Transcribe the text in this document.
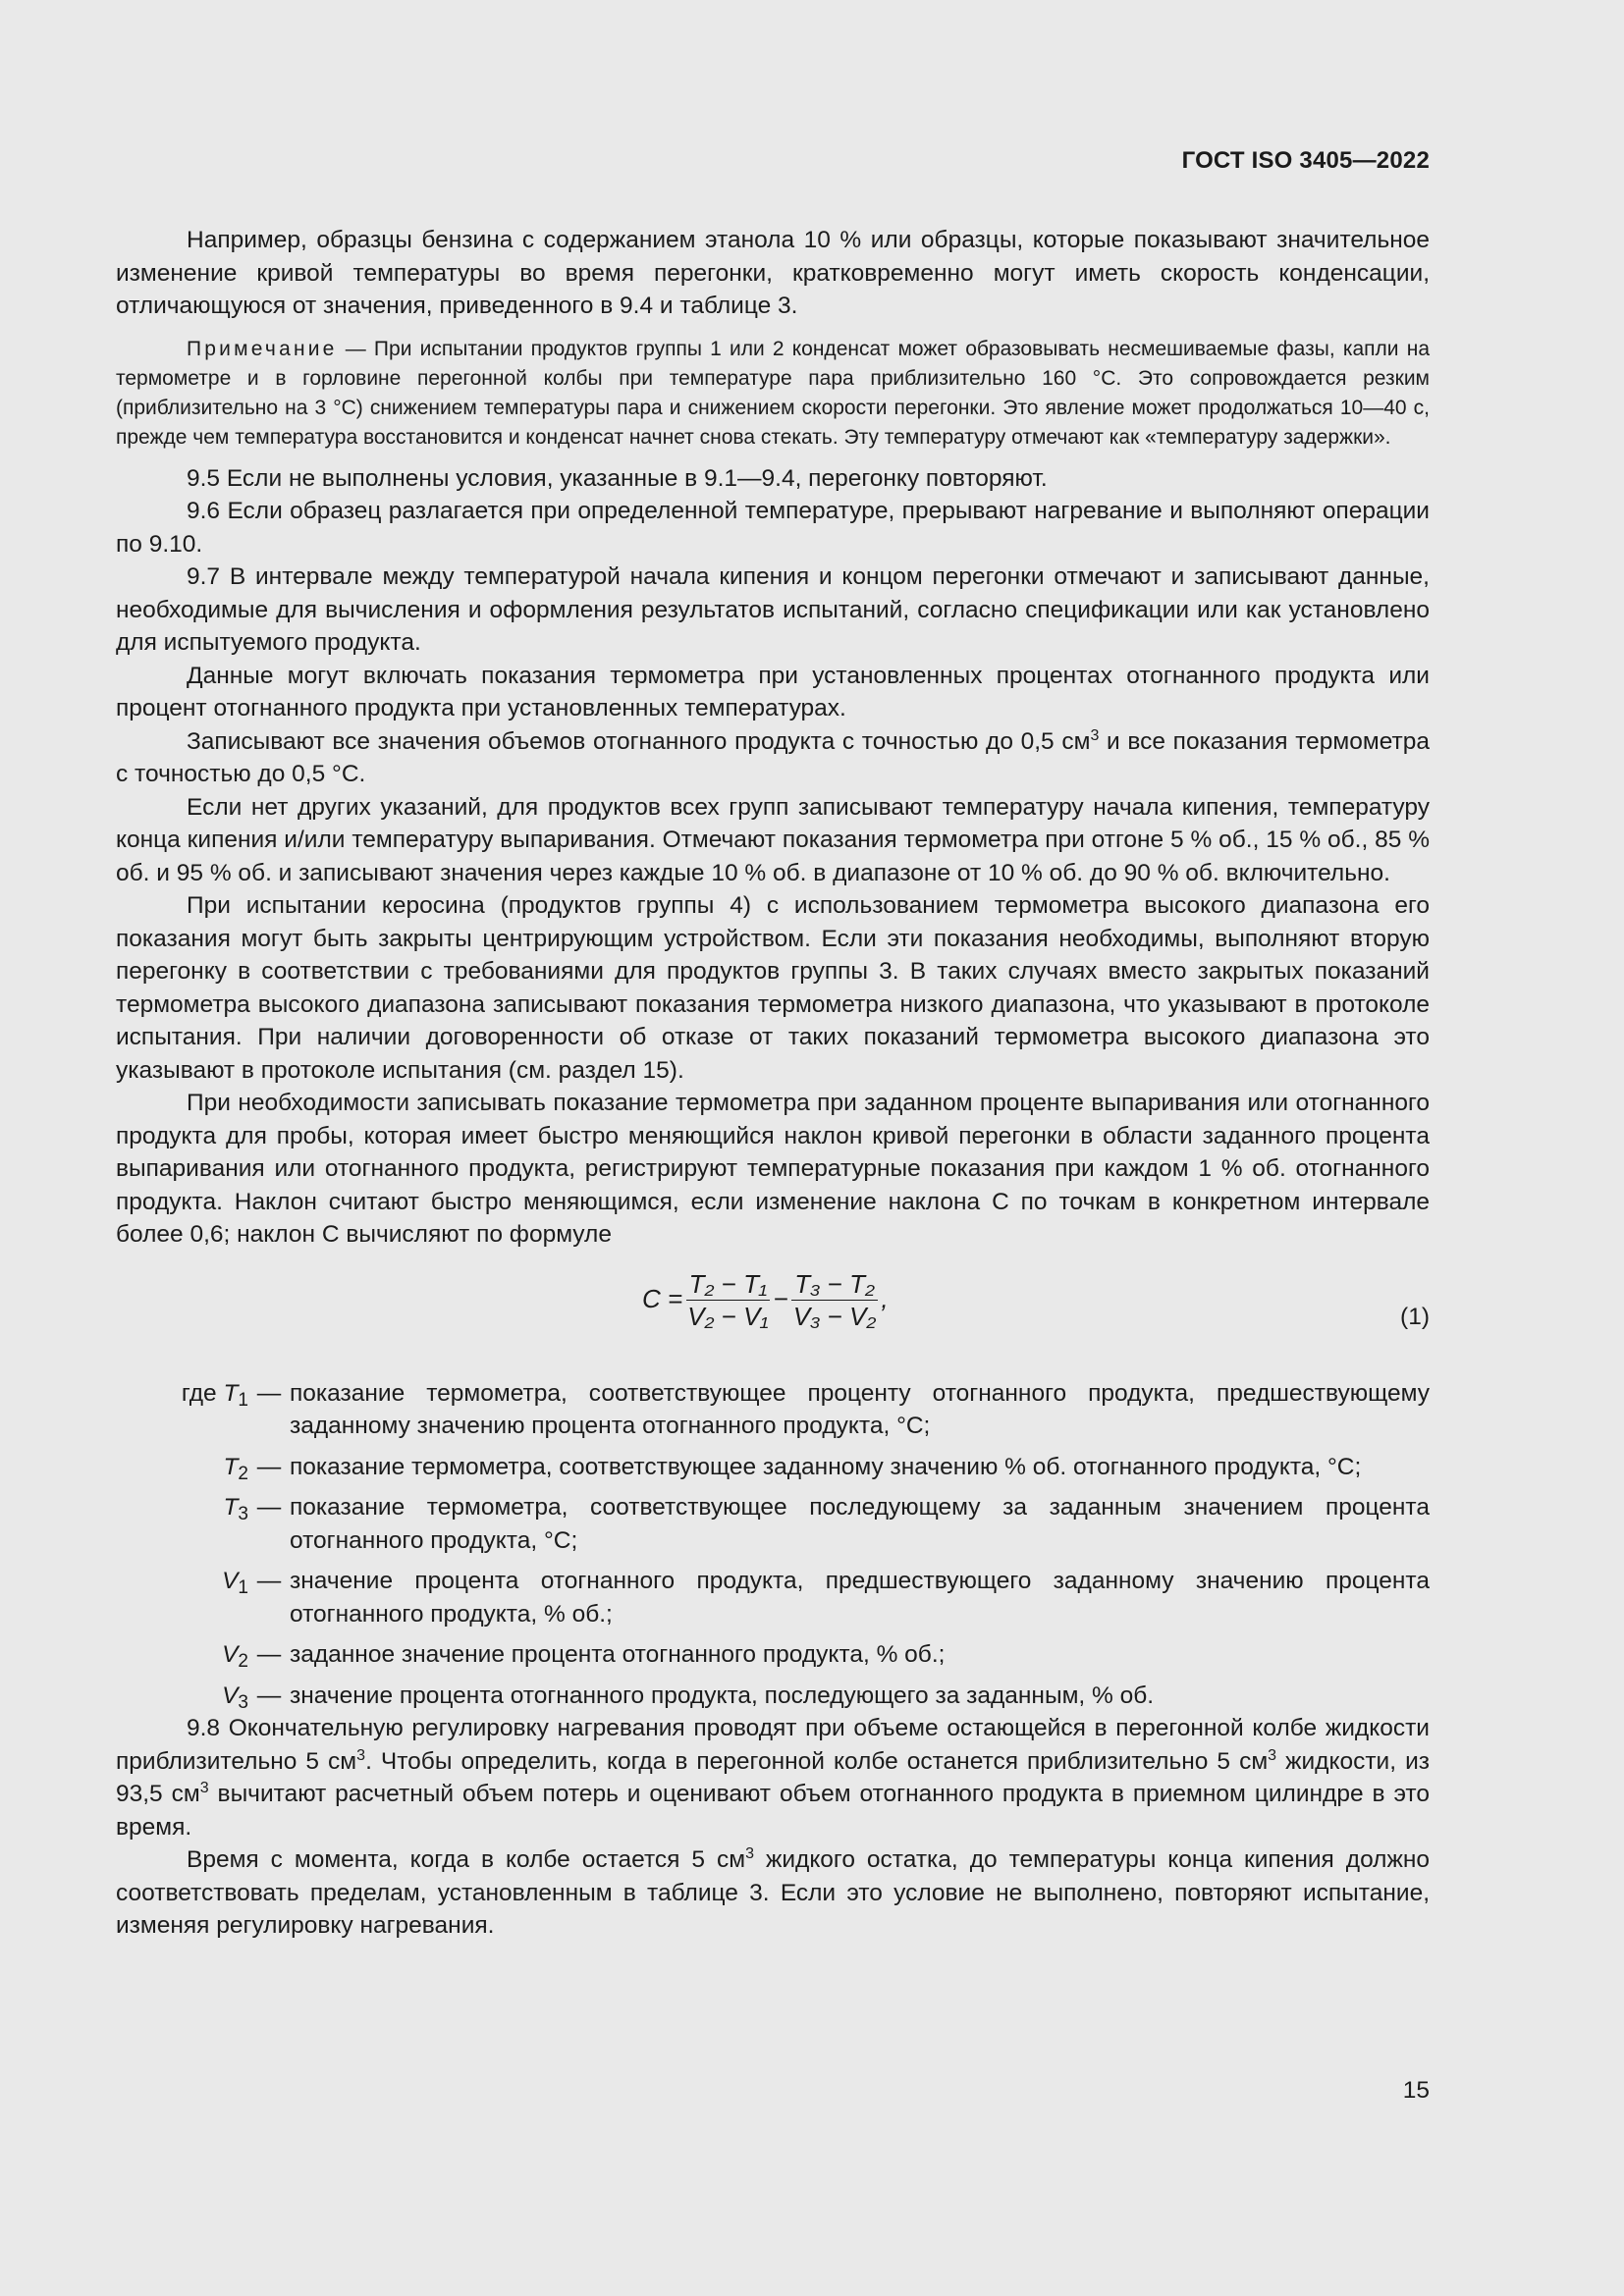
ГОСТ ISO 3405—2022

Например, образцы бензина с содержанием этанола 10 % или образцы, которые показывают значительное изменение кривой температуры во время перегонки, кратковременно могут иметь скорость конденсации, отличающуюся от значения, приведенного в 9.4 и таблице 3.

Примечание — При испытании продуктов группы 1 или 2 конденсат может образовывать несмешиваемые фазы, капли на термометре и в горловине перегонной колбы при температуре пара приблизительно 160 °С. Это сопровождается резким (приблизительно на 3 °С) снижением температуры пара и снижением скорости перегонки. Это явление может продолжаться 10—40 с, прежде чем температура восстановится и конденсат начнет снова стекать. Эту температуру отмечают как «температуру задержки».

9.5 Если не выполнены условия, указанные в 9.1—9.4, перегонку повторяют.

9.6 Если образец разлагается при определенной температуре, прерывают нагревание и выполняют операции по 9.10.

9.7 В интервале между температурой начала кипения и концом перегонки отмечают и записывают данные, необходимые для вычисления и оформления результатов испытаний, согласно спецификации или как установлено для испытуемого продукта.

Данные могут включать показания термометра при установленных процентах отогнанного продукта или процент отогнанного продукта при установленных температурах.

Записывают все значения объемов отогнанного продукта с точностью до 0,5 $см^3$ и все показания термометра с точностью до 0,5 °С.

Если нет других указаний, для продуктов всех групп записывают температуру начала кипения, температуру конца кипения и/или температуру выпаривания. Отмечают показания термометра при отгоне 5 % об., 15 % об., 85 % об. и 95 % об. и записывают значения через каждые 10 % об. в диапазоне от 10 % об. до 90 % об. включительно.

При испытании керосина (продуктов группы 4) с использованием термометра высокого диапазона его показания могут быть закрыты центрирующим устройством. Если эти показания необходимы, выполняют вторую перегонку в соответствии с требованиями для продуктов группы 3. В таких случаях вместо закрытых показаний термометра высокого диапазона записывают показания термометра низкого диапазона, что указывают в протоколе испытания. При наличии договоренности об отказе от таких показаний термометра высокого диапазона это указывают в протоколе испытания (см. раздел 15).

При необходимости записывать показание термометра при заданном проценте выпаривания или отогнанного продукта для пробы, которая имеет быстро меняющийся наклон кривой перегонки в области заданного процента выпаривания или отогнанного продукта, регистрируют температурные показания при каждом 1 % об. отогнанного продукта. Наклон считают быстро меняющимся, если изменение наклона С по точкам в конкретном интервале более 0,6; наклон С вычисляют по формуле

$C = \frac{\text{T₂ − T₁}}{\text{V₂ − V₁}} - \frac{\text{T₃ − T₂}}{\text{V₃ − V₂}}$ ,
(1)
где $T_1$ — показание термометра, соответствующее проценту отогнанного продукта, предшествующему заданному значению процента отогнанного продукта, °С;
$T_2$ — показание термометра, соответствующее заданному значению % об. отогнанного продукта, °С;
$T_3$ — показание термометра, соответствующее последующему за заданным значением процента отогнанного продукта, °С;
$V_1$ — значение процента отогнанного продукта, предшествующего заданному значению процента отогнанного продукта, % об.;
$V_2$ — заданное значение процента отогнанного продукта, % об.;
$V_3$ — значение процента отогнанного продукта, последующего за заданным, % об.

9.8 Окончательную регулировку нагревания проводят при объеме остающейся в перегонной колбе жидкости приблизительно 5 $см^3$. Чтобы определить, когда в перегонной колбе останется приблизительно 5 $см^3$ жидкости, из 93,5 $см^3$ вычитают расчетный объем потерь и оценивают объем отогнанного продукта в приемном цилиндре в это время.

Время с момента, когда в колбе остается 5 $см^3$ жидкого остатка, до температуры конца кипения должно соответствовать пределам, установленным в таблице 3. Если это условие не выполнено, повторяют испытание, изменяя регулировку нагревания.

15
